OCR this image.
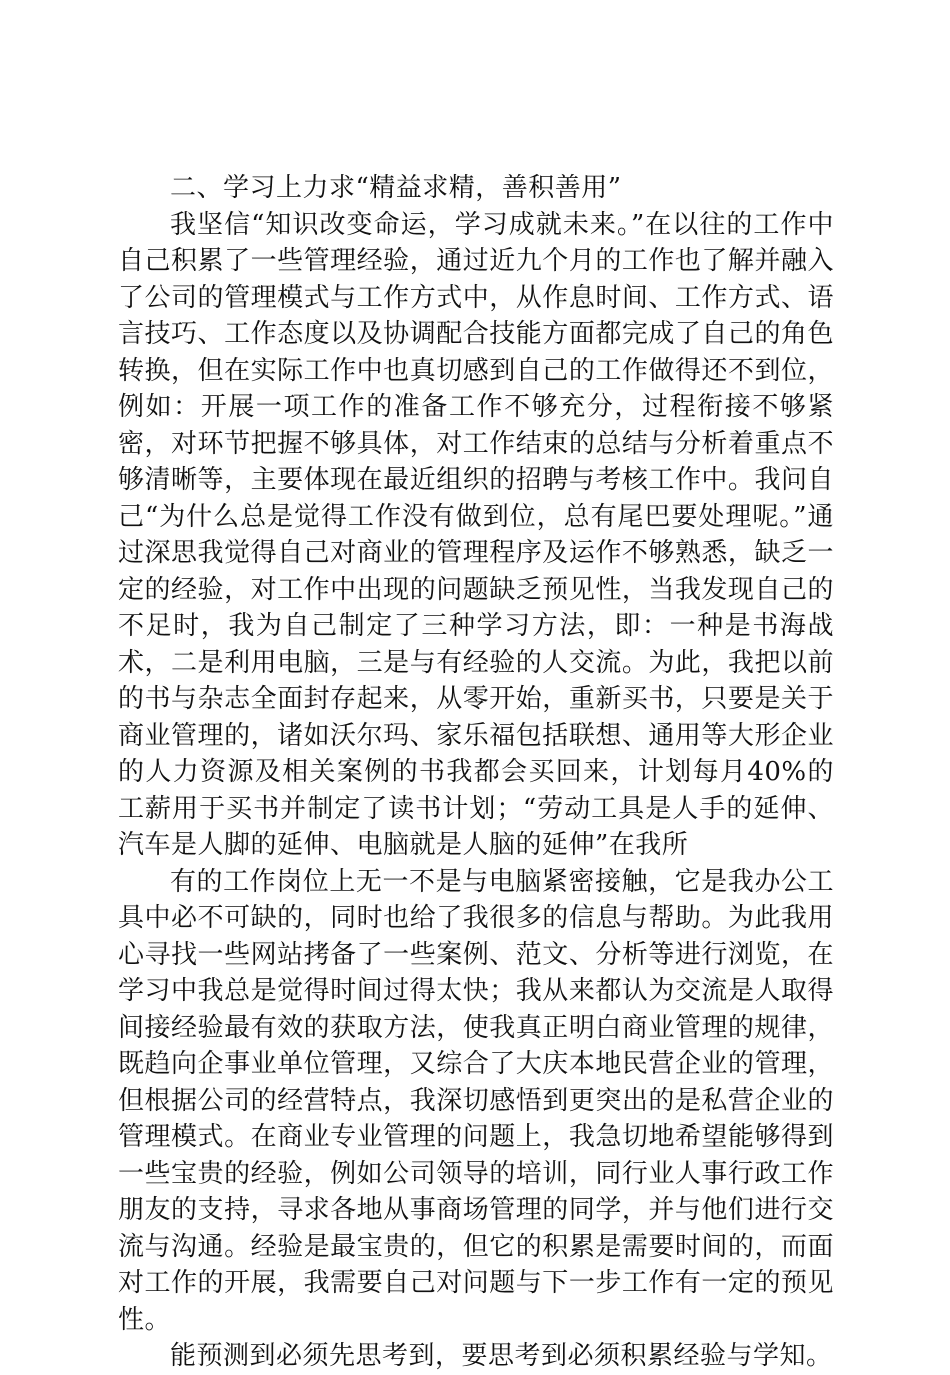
二、学习上力求“精益求精，善积善用”

我坚信“知识改变命运，学习成就未来。”在以往的工作中自己积累了一些管理经验，通过近九个月的工作也了解并融入了公司的管理模式与工作方式中，从作息时间、工作方式、语言技巧、工作态度以及协调配合技能方面都完成了自己的角色转换，但在实际工作中也真切感到自己的工作做得还不到位，例如：开展一项工作的准备工作不够充分，过程衔接不够紧密，对环节把握不够具体，对工作结束的总结与分析着重点不够清晰等，主要体现在最近组织的招聘与考核工作中。我问自己“为什么总是觉得工作没有做到位，总有尾巴要处理呢。”通过深思我觉得自己对商业的管理程序及运作不够熟悉，缺乏一定的经验，对工作中出现的问题缺乏预见性，当我发现自己的不足时，我为自己制定了三种学习方法，即：一种是书海战术，二是利用电脑，三是与有经验的人交流。为此，我把以前的书与杂志全面封存起来，从零开始，重新买书，只要是关于商业管理的，诸如沃尔玛、家乐福包括联想、通用等大形企业的人力资源及相关案例的书我都会买回来，计划每月40%的工薪用于买书并制定了读书计划；“劳动工具是人手的延伸、汽车是人脚的延伸、电脑就是人脑的延伸”在我所

有的工作岗位上无一不是与电脑紧密接触，它是我办公工具中必不可缺的，同时也给了我很多的信息与帮助。为此我用心寻找一些网站拷备了一些案例、范文、分析等进行浏览，在学习中我总是觉得时间过得太快；我从来都认为交流是人取得间接经验最有效的获取方法，使我真正明白商业管理的规律，既趋向企事业单位管理，又综合了大庆本地民营企业的管理，但根据公司的经营特点，我深切感悟到更突出的是私营企业的管理模式。在商业专业管理的问题上，我急切地希望能够得到一些宝贵的经验，例如公司领导的培训，同行业人事行政工作朋友的支持，寻求各地从事商场管理的同学，并与他们进行交流与沟通。经验是最宝贵的，但它的积累是需要时间的，而面对工作的开展，我需要自己对问题与下一步工作有一定的预见性。

能预测到必须先思考到，要思考到必须积累经验与学知。
